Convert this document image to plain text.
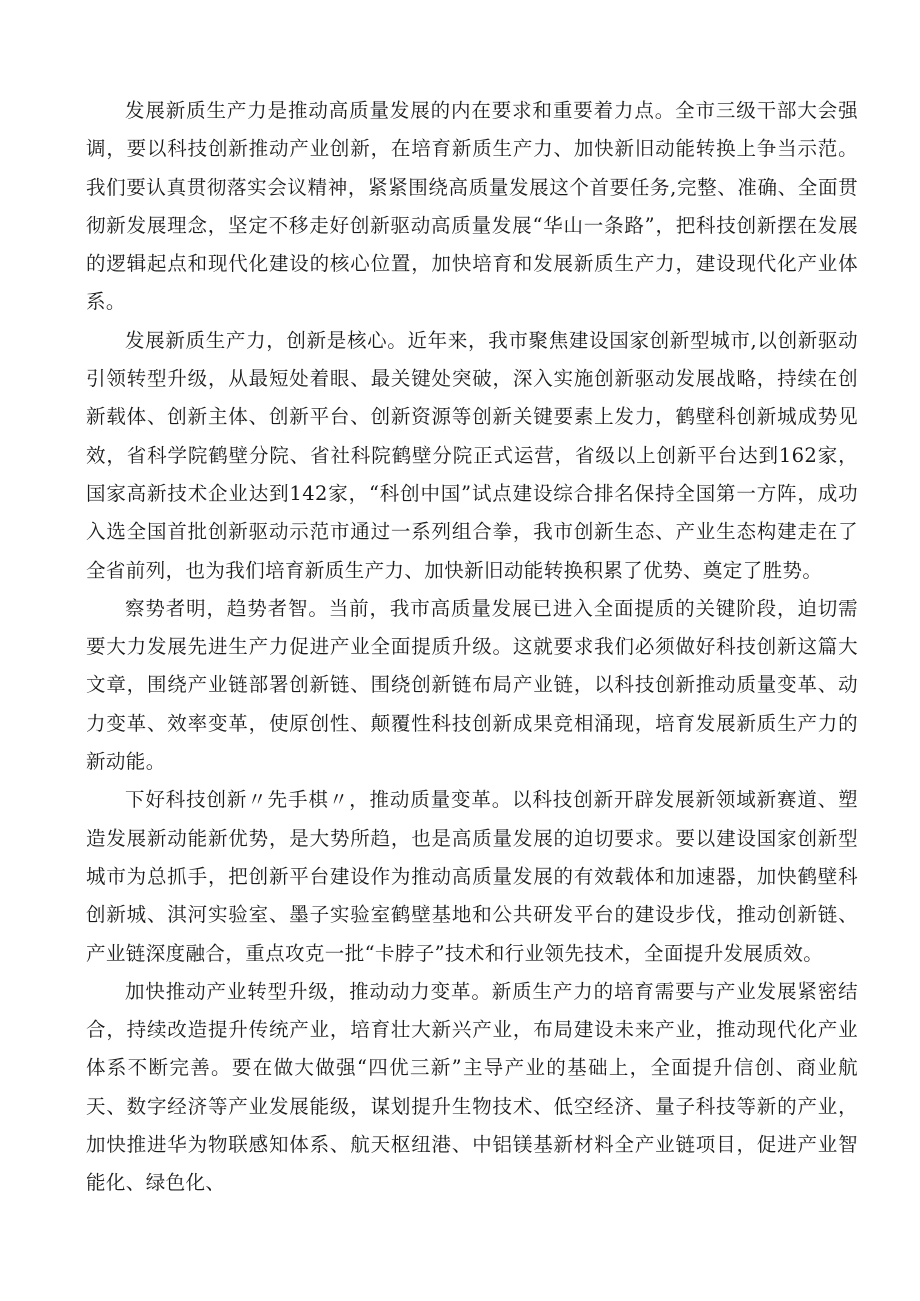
发展新质生产力是推动高质量发展的内在要求和重要着力点。全市三级干部大会强调，要以科技创新推动产业创新，在培育新质生产力、加快新旧动能转换上争当示范。我们要认真贯彻落实会议精神，紧紧围绕高质量发展这个首要任务,完整、准确、全面贯彻新发展理念，坚定不移走好创新驱动高质量发展“华山一条路”，把科技创新摆在发展的逻辑起点和现代化建设的核心位置，加快培育和发展新质生产力，建设现代化产业体系。

发展新质生产力，创新是核心。近年来，我市聚焦建设国家创新型城市,以创新驱动引领转型升级，从最短处着眼、最关键处突破，深入实施创新驱动发展战略，持续在创新载体、创新主体、创新平台、创新资源等创新关键要素上发力，鹤壁科创新城成势见效，省科学院鹤壁分院、省社科院鹤壁分院正式运营，省级以上创新平台达到162家，国家高新技术企业达到142家，“科创中国”试点建设综合排名保持全国第一方阵，成功入选全国首批创新驱动示范市通过一系列组合拳，我市创新生态、产业生态构建走在了全省前列，也为我们培育新质生产力、加快新旧动能转换积累了优势、奠定了胜势。

察势者明，趋势者智。当前，我市高质量发展已进入全面提质的关键阶段，迫切需要大力发展先进生产力促进产业全面提质升级。这就要求我们必须做好科技创新这篇大文章，围绕产业链部署创新链、围绕创新链布局产业链，以科技创新推动质量变革、动力变革、效率变革，使原创性、颠覆性科技创新成果竞相涌现，培育发展新质生产力的新动能。

下好科技创新〃先手棋〃，推动质量变革。以科技创新开辟发展新领域新赛道、塑造发展新动能新优势，是大势所趋，也是高质量发展的迫切要求。要以建设国家创新型城市为总抓手，把创新平台建设作为推动高质量发展的有效载体和加速器，加快鹤壁科创新城、淇河实验室、墨子实验室鹤壁基地和公共研发平台的建设步伐，推动创新链、产业链深度融合，重点攻克一批“卡脖子”技术和行业领先技术，全面提升发展质效。

加快推动产业转型升级，推动动力变革。新质生产力的培育需要与产业发展紧密结合，持续改造提升传统产业，培育壮大新兴产业，布局建设未来产业，推动现代化产业体系不断完善。要在做大做强“四优三新”主导产业的基础上，全面提升信创、商业航天、数字经济等产业发展能级，谋划提升生物技术、低空经济、量子科技等新的产业，加快推进华为物联感知体系、航天枢纽港、中铝镁基新材料全产业链项目，促进产业智能化、绿色化、
